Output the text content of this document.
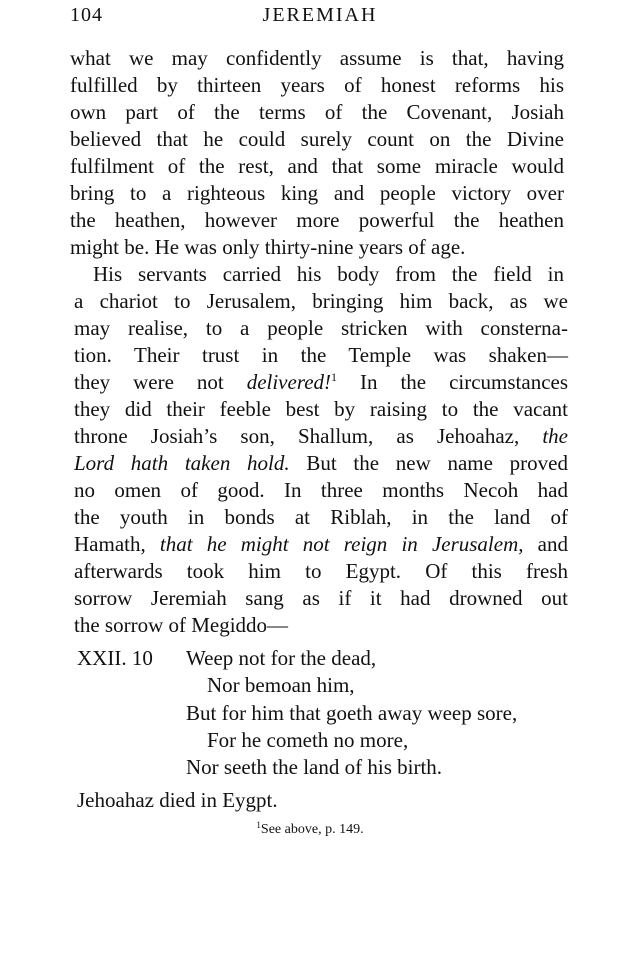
104	JEREMIAH
what we may confidently assume is that, having
fulfilled by thirteen years of honest reforms his
own part of the terms of the Covenant, Josiah
believed that he could surely count on the Divine
fulfilment of the rest, and that some miracle would
bring to a righteous king and people victory over
the heathen, however more powerful the heathen
might be. He was only thirty-nine years of age.
His servants carried his body from the field in
a chariot to Jerusalem, bringing him back, as we
may realise, to a people stricken with consterna-
tion. Their trust in the Temple was shaken—
they were not delivered!$^1$ In the circumstances
they did their feeble best by raising to the vacant
throne Josiah’s son, Shallum, as Jehoahaz, the
Lord hath taken hold. But the new name proved
no omen of good. In three months Necoh had
the youth in bonds at Riblah, in the land of
Hamath, that he might not reign in Jerusalem, and
afterwards took him to Egypt. Of this fresh
sorrow Jeremiah sang as if it had drowned out
the sorrow of Megiddo—
XXII. 10 Weep not for the dead,
Nor bemoan him,
But for him that goeth away weep sore,
For he cometh no more,
Nor seeth the land of his birth.
Jehoahaz died in Eygpt.
$^1$See above, p. 149.
